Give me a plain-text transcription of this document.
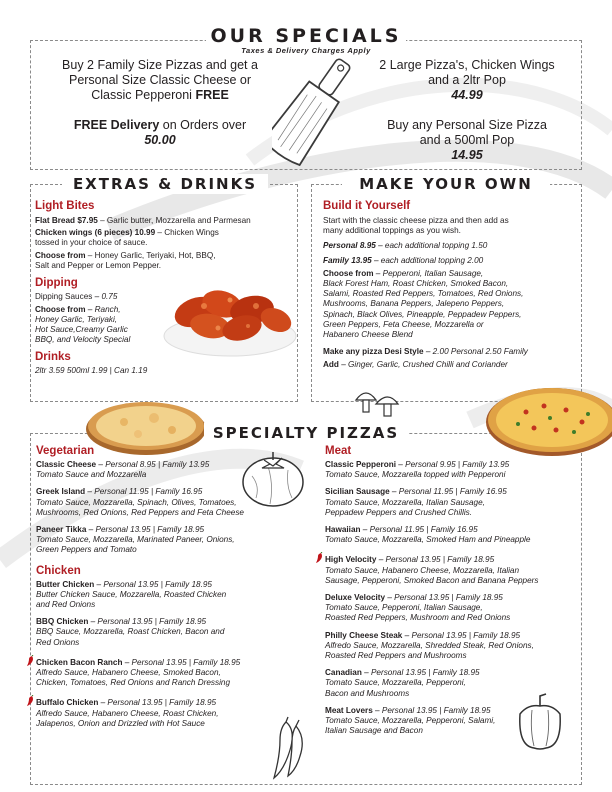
OUR SPECIALS
Taxes & Delivery Charges Apply
Buy 2 Family Size Pizzas and get a
Personal Size Classic Cheese or
Classic Pepperoni FREE
FREE Delivery on Orders over
50.00
2 Large Pizza's, Chicken Wings
and a 2ltr Pop
44.99
Buy any Personal Size Pizza
and a 500ml Pop
14.95
EXTRAS & DRINKS
Light Bites
Flat Bread $7.95 – Garlic butter, Mozzarella and Parmesan
Chicken wings (6 pieces) 10.99 – Chicken Wings
tossed in your choice of sauce.
Choose from – Honey Garlic, Teriyaki, Hot, BBQ,
Salt and Pepper or Lemon Pepper.
Dipping
Dipping Sauces – 0.75
Choose from – Ranch,
Honey Garlic, Teriyaki,
Hot Sauce,Creamy Garlic
BBQ, and Velocity Special
Drinks
2ltr 3.59 500ml 1.99 | Can 1.19
MAKE YOUR OWN
Build it Yourself
Start with the classic cheese pizza and then add as
many additional toppings as you wish.
Personal 8.95 – each additional topping 1.50
Family 13.95 – each additional topping 2.00
Choose from – Pepperoni, Italian Sausage,
Black Forest Ham, Roast Chicken, Smoked Bacon,
Salami, Roasted Red Peppers, Tomatoes, Red Onions,
Mushrooms, Banana Peppers, Jalepeno Peppers,
Spinach, Black Olives, Pineapple, Peppadew Peppers,
Green Peppers, Feta Cheese, Mozzarella or
Habanero Cheese Blend
Make any pizza Desi Style – 2.00 Personal 2.50 Family
Add – Ginger, Garlic, Crushed Chilli and Coriander
SPECIALTY PIZZAS
Vegetarian
Classic Cheese – Personal 8.95 | Family 13.95
Tomato Sauce and Mozzarella
Greek Island – Personal 11.95 | Family 16.95
Tomato Sauce, Mozzarella, Spinach, Olives, Tomatoes,
Mushrooms, Red Onions, Red Peppers and Feta Cheese
Paneer Tikka – Personal 13.95 | Family 18.95
Tomato Sauce, Mozzarella, Marinated Paneer, Onions,
Green Peppers and Tomato
Chicken
Butter Chicken – Personal 13.95 | Family 18.95
Butter Chicken Sauce, Mozzarella, Roasted Chicken
and Red Onions
BBQ Chicken – Personal 13.95 | Family 18.95
BBQ Sauce, Mozzarella, Roast Chicken, Bacon and
Red Onions
Chicken Bacon Ranch – Personal 13.95 | Family 18.95
Alfredo Sauce, Habanero Cheese, Smoked Bacon,
Chicken, Tomatoes, Red Onions and Ranch Dressing
Buffalo Chicken – Personal 13.95 | Family 18.95
Alfredo Sauce, Habanero Cheese, Roast Chicken,
Jalapenos, Onion and Drizzled with Hot Sauce
Meat
Classic Pepperoni – Personal 9.95 | Family 13.95
Tomato Sauce, Mozzarella topped with Pepperoni
Sicilian Sausage – Personal 11.95 | Family 16.95
Tomato Sauce, Mozzarella, Italian Sausage,
Peppadew Peppers and Crushed Chillis.
Hawaiian – Personal 11.95 | Family 16.95
Tomato Sauce, Mozzarella, Smoked Ham and Pineapple
High Velocity – Personal 13.95 | Family 18.95
Tomato Sauce, Habanero Cheese, Mozzarella, Italian
Sausage, Pepperoni, Smoked Bacon and Banana Peppers
Deluxe Velocity – Personal 13.95 | Family 18.95
Tomato Sauce, Pepperoni, Italian Sausage,
Roasted Red Peppers, Mushroom and Red Onions
Philly Cheese Steak – Personal 13.95 | Family 18.95
Alfredo Sauce, Mozzarella, Shredded Steak, Red Onions,
Roasted Red Peppers and Mushrooms
Canadian – Personal 13.95 | Family 18.95
Tomato Sauce, Mozzarella, Pepperoni,
Bacon and Mushrooms
Meat Lovers – Personal 13.95 | Family 18.95
Tomato Sauce, Mozzarella, Pepperoni, Salami,
Italian Sausage and Bacon
